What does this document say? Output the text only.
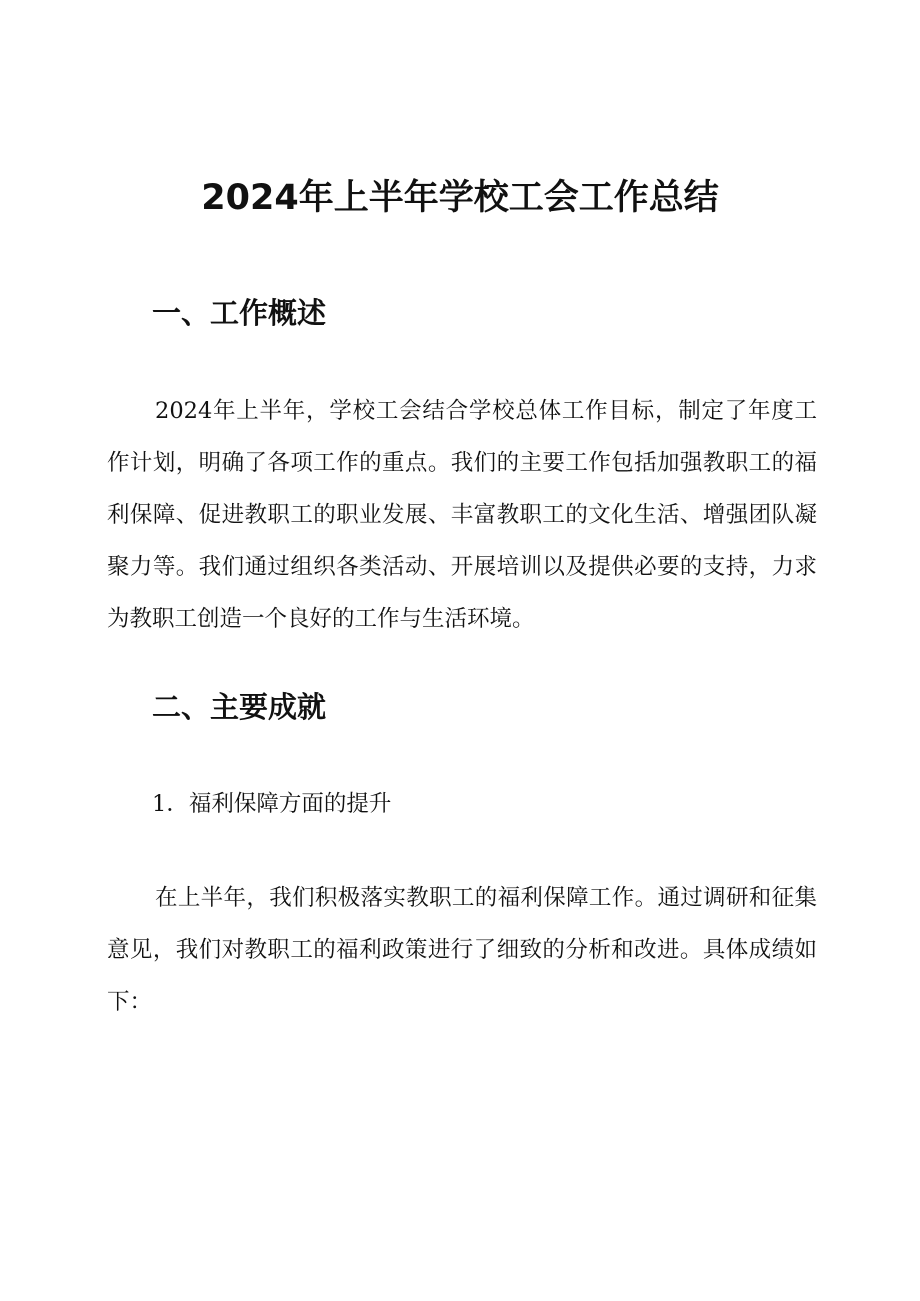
2024年上半年学校工会工作总结
一、工作概述

2024年上半年，学校工会结合学校总体工作目标，制定了年度工作计划，明确了各项工作的重点。我们的主要工作包括加强教职工的福利保障、促进教职工的职业发展、丰富教职工的文化生活、增强团队凝聚力等。我们通过组织各类活动、开展培训以及提供必要的支持，力求为教职工创造一个良好的工作与生活环境。

二、主要成就

1．福利保障方面的提升

在上半年，我们积极落实教职工的福利保障工作。通过调研和征集意见，我们对教职工的福利政策进行了细致的分析和改进。具体成绩如下：
